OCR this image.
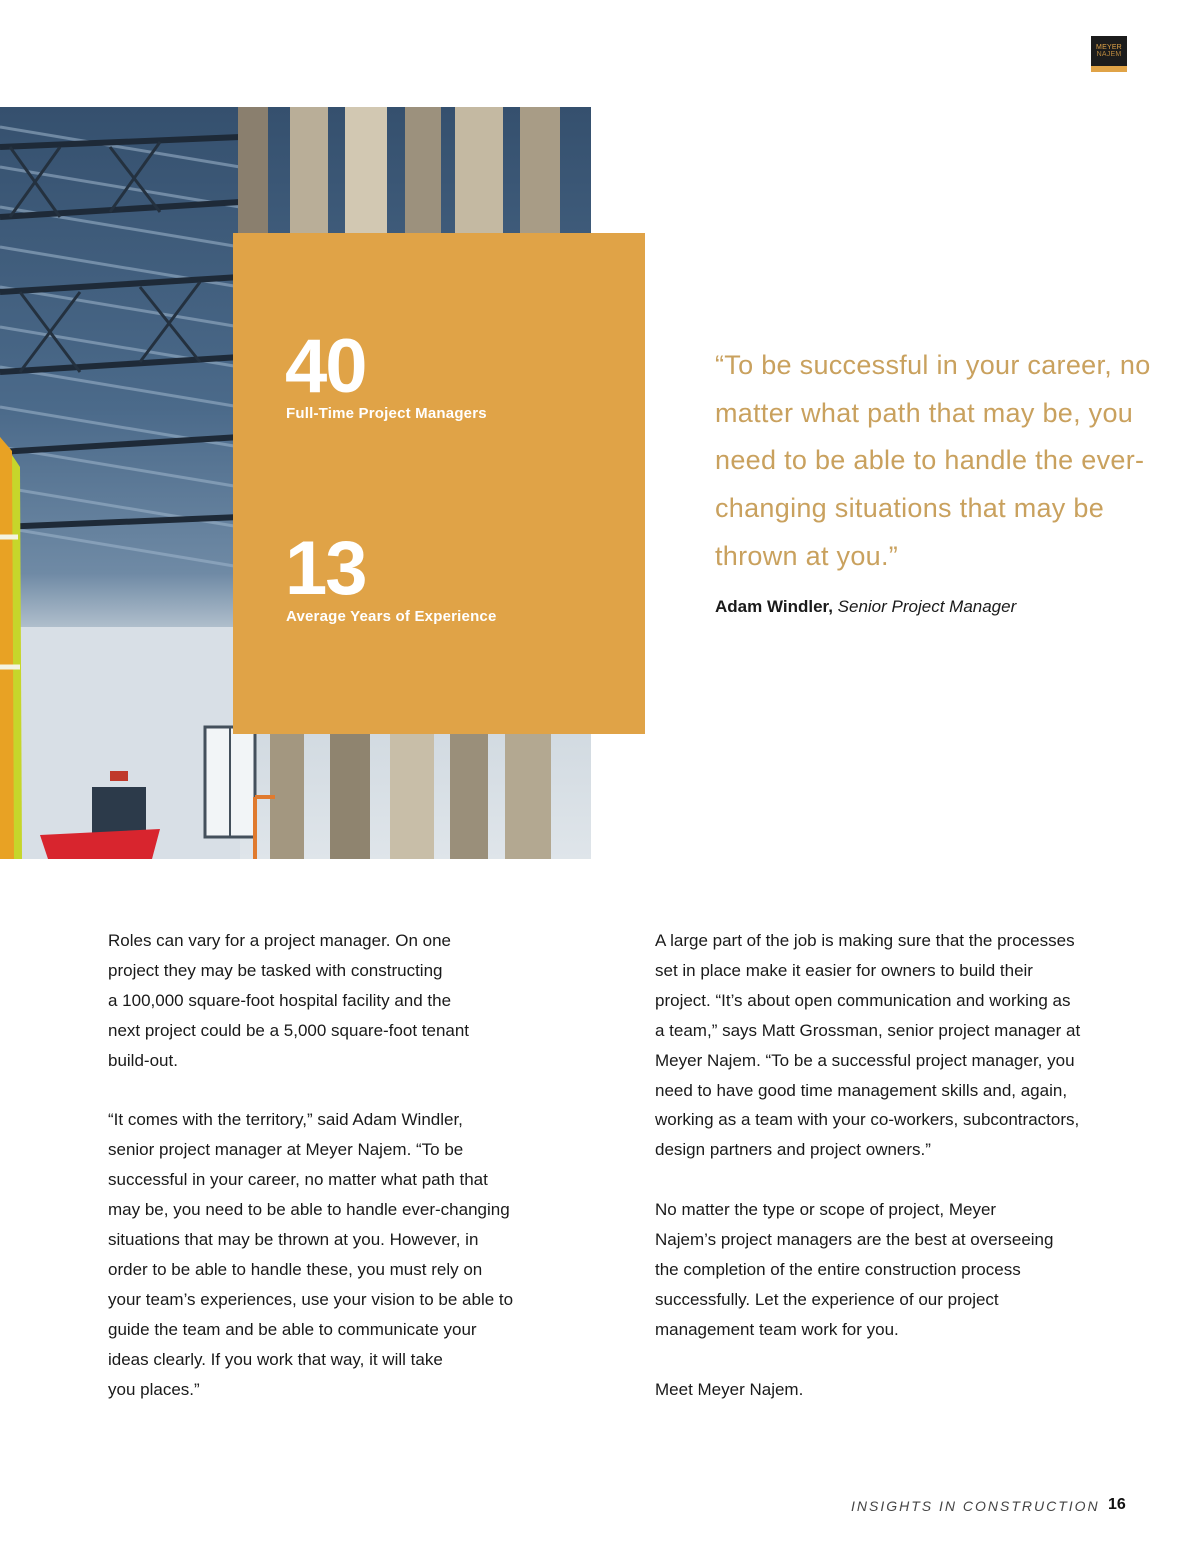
MEYER
NAJEM
40
Full-Time Project Managers
13
Average Years of Experience
“To be successful in your career, no matter what path that may be, you need to be able to handle the ever-changing situations that may be thrown at you.”
Adam Windler, Senior Project Manager

Roles can vary for a project manager. On one
project they may be tasked with constructing
a 100,000 square-foot hospital facility and the
next project could be a 5,000 square-foot tenant
build-out.

“It comes with the territory,” said Adam Windler,
senior project manager at Meyer Najem. “To be
successful in your career, no matter what path that
may be, you need to be able to handle ever-changing
situations that may be thrown at you. However, in
order to be able to handle these, you must rely on
your team’s experiences, use your vision to be able to
guide the team and be able to communicate your
ideas clearly. If you work that way, it will take
you places.”

A large part of the job is making sure that the processes
set in place make it easier for owners to build their
project. “It’s about open communication and working as
a team,” says Matt Grossman, senior project manager at
Meyer Najem. “To be a successful project manager, you
need to have good time management skills and, again,
working as a team with your co-workers, subcontractors,
design partners and project owners.”

No matter the type or scope of project, Meyer
Najem’s project managers are the best at overseeing
the completion of the entire construction process
successfully. Let the experience of our project
management team work for you.

Meet Meyer Najem.

INSIGHTS IN CONSTRUCTION 16
